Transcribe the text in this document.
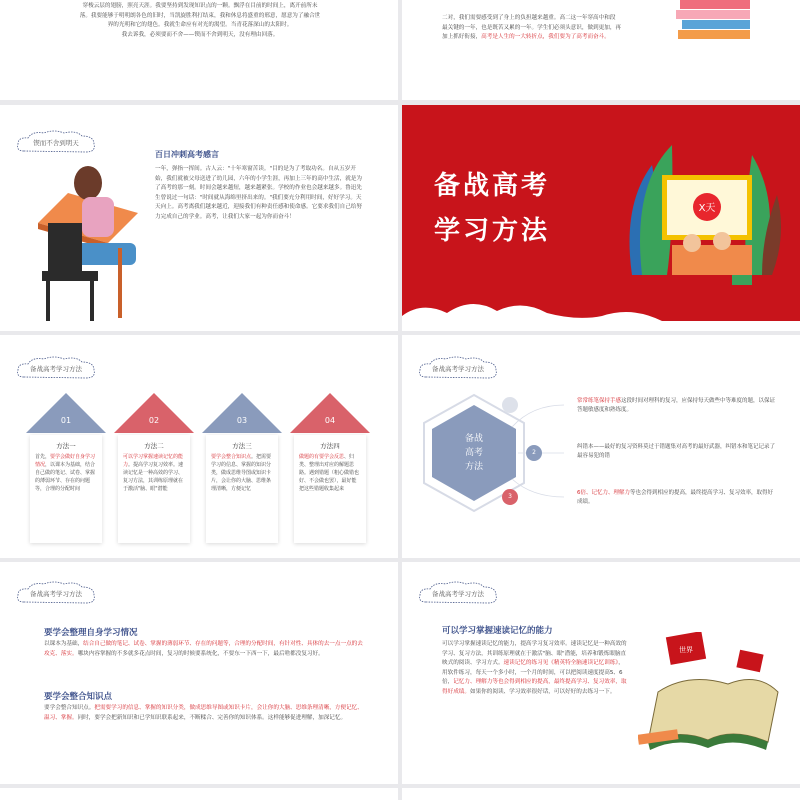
穿梭云层的翅膀，照亮天涯。我要坚持到发现知识点的一颗。飘浮在目前的时间上，离开前所未
落。我要能够于明明朗各色的旧时，当凯旋胜利打结束，我和休息将盛重的邢意，愿意为了融合世
界的光明和它的翅色。我就生命应有对光的渴望。当青花落深山的太阳时。
我去诉我，必须要而不舍——锲而不舍到明天，没有理由回落。
二对，我们需要感受到了身上的负担越来越重。高二这一年穿高中和段
最关键的一年，也是既苦又累的一年。学生们必须头意识，做到更加，再
加上抓好衔接，高考是人生的一大转折点，我们要为了高考而奋斗。
锲而不舍到明天
百日冲刺高考感言
一年，弹指一挥间。古人云："十年寒窗苦读。"目的是为了考取功名。自从五岁开始，我们就被父母送进了幼儿园，六年的小学生涯，再加上三年的高中生活，就是为了高考的那一刻。时间会越来越短，越来越紧张。学校的作业也会越来越多。鲁迅先生曾说过一句话："时间就从海绵里挤出来的。"我们要充分利用时间，好好学习。天天向上。高考离我们越来越近，迎接我们有种责任感和使命感。它要求我们自己给努力完成自己的学业。高考，让我们大家一起为你而奋斗！
备战高考
学习方法
X天
备战高考学习方法
01
方法一
首先，要学会做好自身学习情况，以课本为基础，结合自己做的笔记、试卷、掌握的薄弱环节、存在的问题等，合理的分配时间
02
方法二
可以学习掌握速读记忆的能力。提高学习复习效率。速读记忆是一种高效的学习、复习方法，其训练原理就在于激活"脑、眼"潜能
03
方法三
要学会整合知识点。把需要学习的信息、掌握的知识分类，做成思维导图或知识卡片，会让你的大脑、思维条理清晰，方便记忆
04
方法四
做题的有要学会反思、归类、整理出对应的解题思路。遇到错题（粗心做错也好、不会做也罢），最好能把这些错题收集起来
备战高考学习方法
备战
高考
方法
2
3
常常练笔保持手感这段时间对理科的复习，应保持每天做些中等难度的题，以保证答题敏感度和熟练度。
纠错本——最好的复习资料莫过于错题集对高考的最好武器，纠错本和笔记记录了最容易犯的错
6倍、记忆力、理解力等也会得到相应的提高，最终提高学习、复习效率，取得好成绩。
备战高考学习方法
要学会整理自身学习情况
以课本为基础，结合自己做的笔记、试卷、掌握的薄弱环节、存在的问题等，合理的分配时间，有针对性、具体的去一点一点的去攻克、落实。哪块内容掌握的不多就多花点时间，复习的时候要系统化，不要东一下西一下，最后啥都没复习好。
要学会整合知识点
要学会整合知识点。把需要学习的信息、掌握的知识分类，做成思维导图或知识卡片，会让你的大脑、思维条理清晰，方便记忆、温习、掌握。同时，要学会把新知识和已学知识联系起来，不断糅合、完善你的知识体系。这样能够促进理解，加深记忆。
备战高考学习方法
可以学习掌握速读记忆的能力
可以学习掌握速读记忆的能力，提高学习复习效率。速读记忆是一种高效的学习、复习方法，其训练原理就在于激活"脑、眼"潜能，培养和锻炼眼脑直映式的阅读、学习方式。速读记忆的练习见《精英特全脑速读记忆训练》，用软件练习，每天一个多小时，一个月的时间，可以把阅读速度提高5、6倍，记忆力、理解力等也会得到相应的提高，最终提高学习、复习效率，取得好成绩。如果你的阅读、学习效率很好话，可以好好的去练习一下。
世界
